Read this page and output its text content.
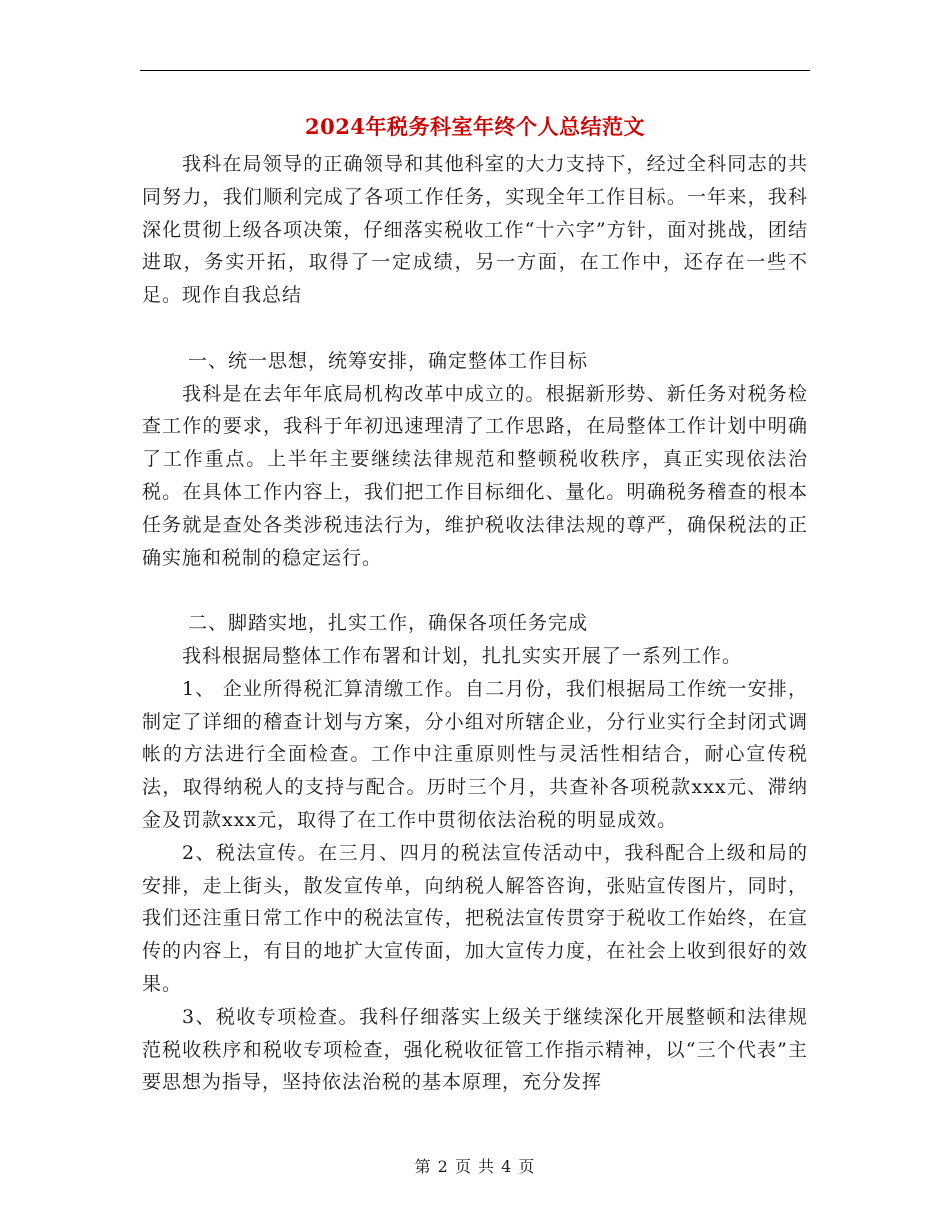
2024年税务科室年终个人总结范文

我科在局领导的正确领导和其他科室的大力支持下，经过全科同志的共同努力，我们顺利完成了各项工作任务，实现全年工作目标。一年来，我科深化贯彻上级各项决策，仔细落实税收工作“十六字”方针，面对挑战，团结进取，务实开拓，取得了一定成绩，另一方面，在工作中，还存在一些不足。现作自我总结

一、统一思想，统筹安排，确定整体工作目标

我科是在去年年底局机构改革中成立的。根据新形势、新任务对税务检查工作的要求，我科于年初迅速理清了工作思路，在局整体工作计划中明确了工作重点。上半年主要继续法律规范和整顿税收秩序，真正实现依法治税。在具体工作内容上，我们把工作目标细化、量化。明确税务稽查的根本任务就是查处各类涉税违法行为，维护税收法律法规的尊严，确保税法的正确实施和税制的稳定运行。

二、脚踏实地，扎实工作，确保各项任务完成

我科根据局整体工作布署和计划，扎扎实实开展了一系列工作。

1、 企业所得税汇算清缴工作。自二月份，我们根据局工作统一安排，制定了详细的稽查计划与方案，分小组对所辖企业，分行业实行全封闭式调帐的方法进行全面检查。工作中注重原则性与灵活性相结合，耐心宣传税法，取得纳税人的支持与配合。历时三个月，共查补各项税款xxx元、滞纳金及罚款xxx元，取得了在工作中贯彻依法治税的明显成效。

2、税法宣传。在三月、四月的税法宣传活动中，我科配合上级和局的安排，走上街头，散发宣传单，向纳税人解答咨询，张贴宣传图片，同时，我们还注重日常工作中的税法宣传，把税法宣传贯穿于税收工作始终，在宣传的内容上，有目的地扩大宣传面，加大宣传力度，在社会上收到很好的效果。

3、税收专项检查。我科仔细落实上级关于继续深化开展整顿和法律规范税收秩序和税收专项检查，强化税收征管工作指示精神，以“三个代表”主要思想为指导，坚持依法治税的基本原理，充分发挥

第 2 页 共 4 页
